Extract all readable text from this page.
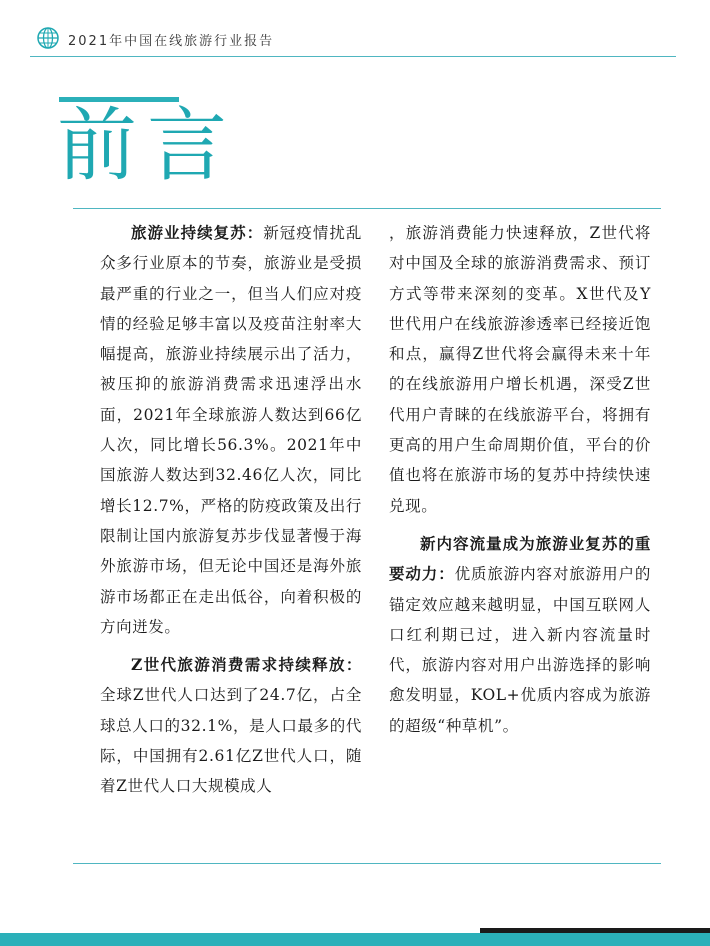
2021年中国在线旅游行业报告
前言

旅游业持续复苏：新冠疫情扰乱众多行业原本的节奏，旅游业是受损最严重的行业之一，但当人们应对疫情的经验足够丰富以及疫苗注射率大幅提高，旅游业持续展示出了活力，被压抑的旅游消费需求迅速浮出水面，2021年全球旅游人数达到66亿人次，同比增长56.3%。2021年中国旅游人数达到32.46亿人次，同比增长12.7%，严格的防疫政策及出行限制让国内旅游复苏步伐显著慢于海外旅游市场，但无论中国还是海外旅游市场都正在走出低谷，向着积极的方向迸发。

Z世代旅游消费需求持续释放：全球Z世代人口达到了24.7亿，占全球总人口的32.1%，是人口最多的代际，中国拥有2.61亿Z世代人口，随着Z世代人口大规模成人

，旅游消费能力快速释放，Z世代将对中国及全球的旅游消费需求、预订方式等带来深刻的变革。X世代及Y世代用户在线旅游渗透率已经接近饱和点，赢得Z世代将会赢得未来十年的在线旅游用户增长机遇，深受Z世代用户青睐的在线旅游平台，将拥有更高的用户生命周期价值，平台的价值也将在旅游市场的复苏中持续快速兑现。

新内容流量成为旅游业复苏的重要动力：优质旅游内容对旅游用户的锚定效应越来越明显，中国互联网人口红利期已过，进入新内容流量时代，旅游内容对用户出游选择的影响愈发明显，KOL+优质内容成为旅游的超级“种草机”。
